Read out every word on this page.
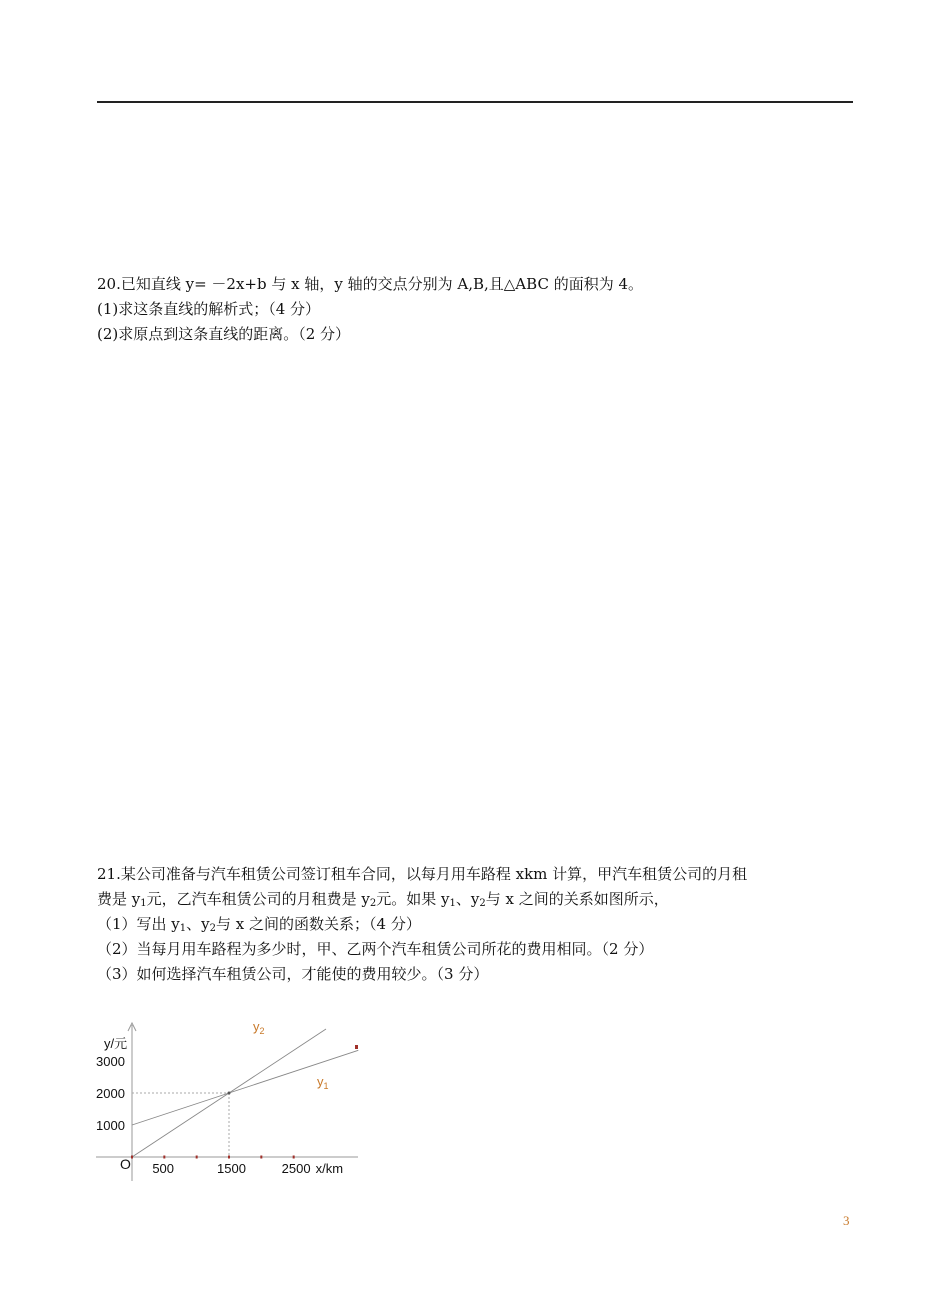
20.已知直线 y= －2x+b 与 x 轴，y 轴的交点分别为 A,B,且△ABC 的面积为 4。
(1)求这条直线的解析式；（4 分）
(2)求原点到这条直线的距离。（2 分）
21.某公司准备与汽车租赁公司签订租车合同，以每月用车路程 xkm 计算，甲汽车租赁公司的月租
费是 $y_1$元，乙汽车租赁公司的月租费是 $y_2$元。如果 $y_1$、$y_2$与 x 之间的关系如图所示，
（1）写出 $y_1$、$y_2$与 x 之间的函数关系；（4 分）
（2）当每月用车路程为多少时，甲、乙两个汽车租赁公司所花的费用相同。（2 分）
（3）如何选择汽车租赁公司，才能使的费用较少。（3 分）
500	1500	2500 x/km
O
1000
2000
3000
y/元
$y_2$
$y_1$
3
